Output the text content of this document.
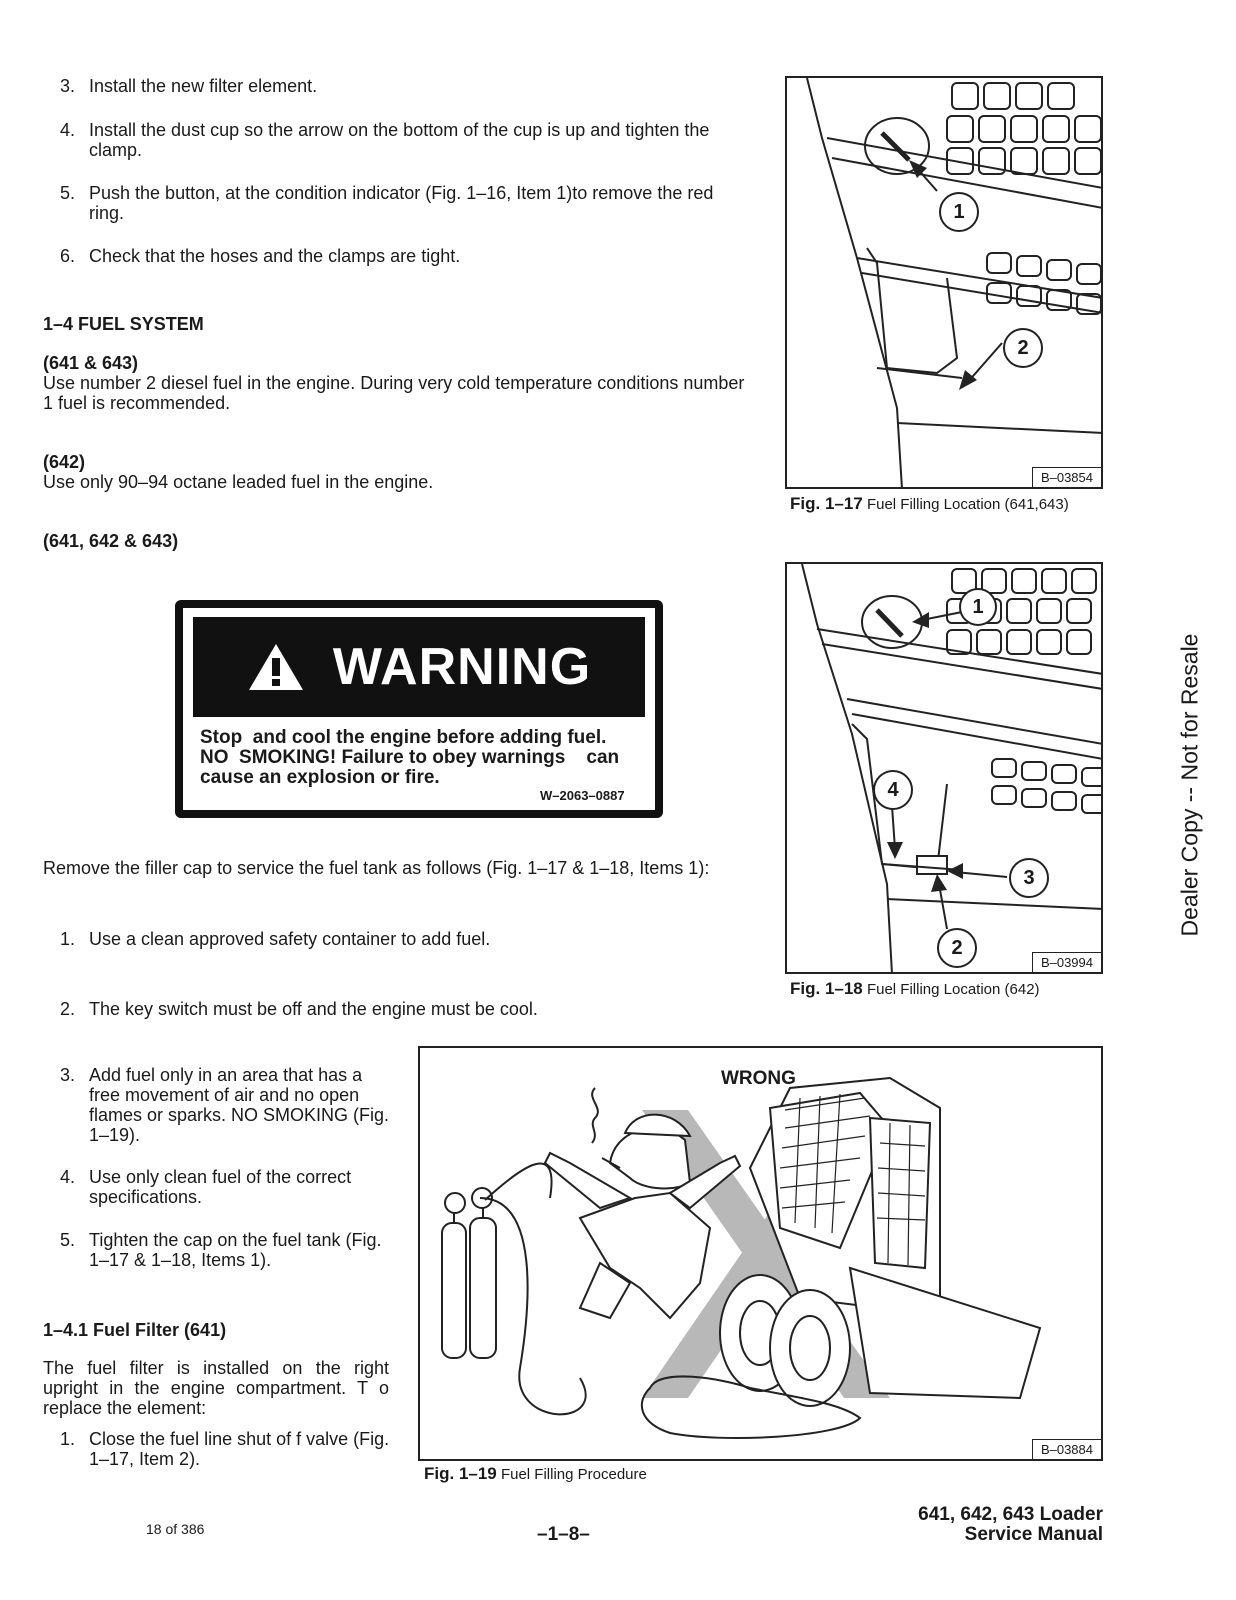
3. Install the new filter element.
4. Install the dust cup so the arrow on the bottom of the cup is up and tighten the clamp.
5. Push the button, at the condition indicator (Fig. 1–16, Item 1)to remove the red ring.
6. Check that the hoses and the clamps are tight.
1–4 FUEL SYSTEM
(641 & 643)
Use number 2 diesel fuel in the engine. During very cold temperature conditions number 1 fuel is recommended.
(642)
Use only 90–94 octane leaded fuel in the engine.
(641, 642 & 643)
WARNING
Stop  and cool the engine before adding fuel.
NO  SMOKING! Failure to obey warnings    can
cause an explosion or fire.
W–2063–0887
Remove the filler cap to service the fuel tank as follows (Fig. 1–17 & 1–18, Items 1):
1. Use a clean approved safety container to add fuel.
2. The key switch must be off and the engine must be cool.
3. Add fuel only in an area that has a free movement of air and no open flames or sparks. NO SMOKING (Fig. 1–19).
4. Use only clean fuel of the correct specifications.
5. Tighten the cap on the fuel tank (Fig. 1–17 & 1–18, Items 1).
1–4.1 Fuel Filter (641)
The fuel filter is installed on the right upright in the engine compartment. T o replace the element:
1. Close the fuel line shut of f valve (Fig. 1–17, Item 2).
1
2
B–03854
Fig. 1–17 Fuel Filling Location (641,643)
1
4
3
2
B–03994
Fig. 1–18 Fuel Filling Location (642)
WRONG
B–03884
Fig. 1–19 Fuel Filling Procedure
18 of 386	–1–8–
641, 642, 643 Loader
Service Manual
Dealer Copy -- Not for Resale
